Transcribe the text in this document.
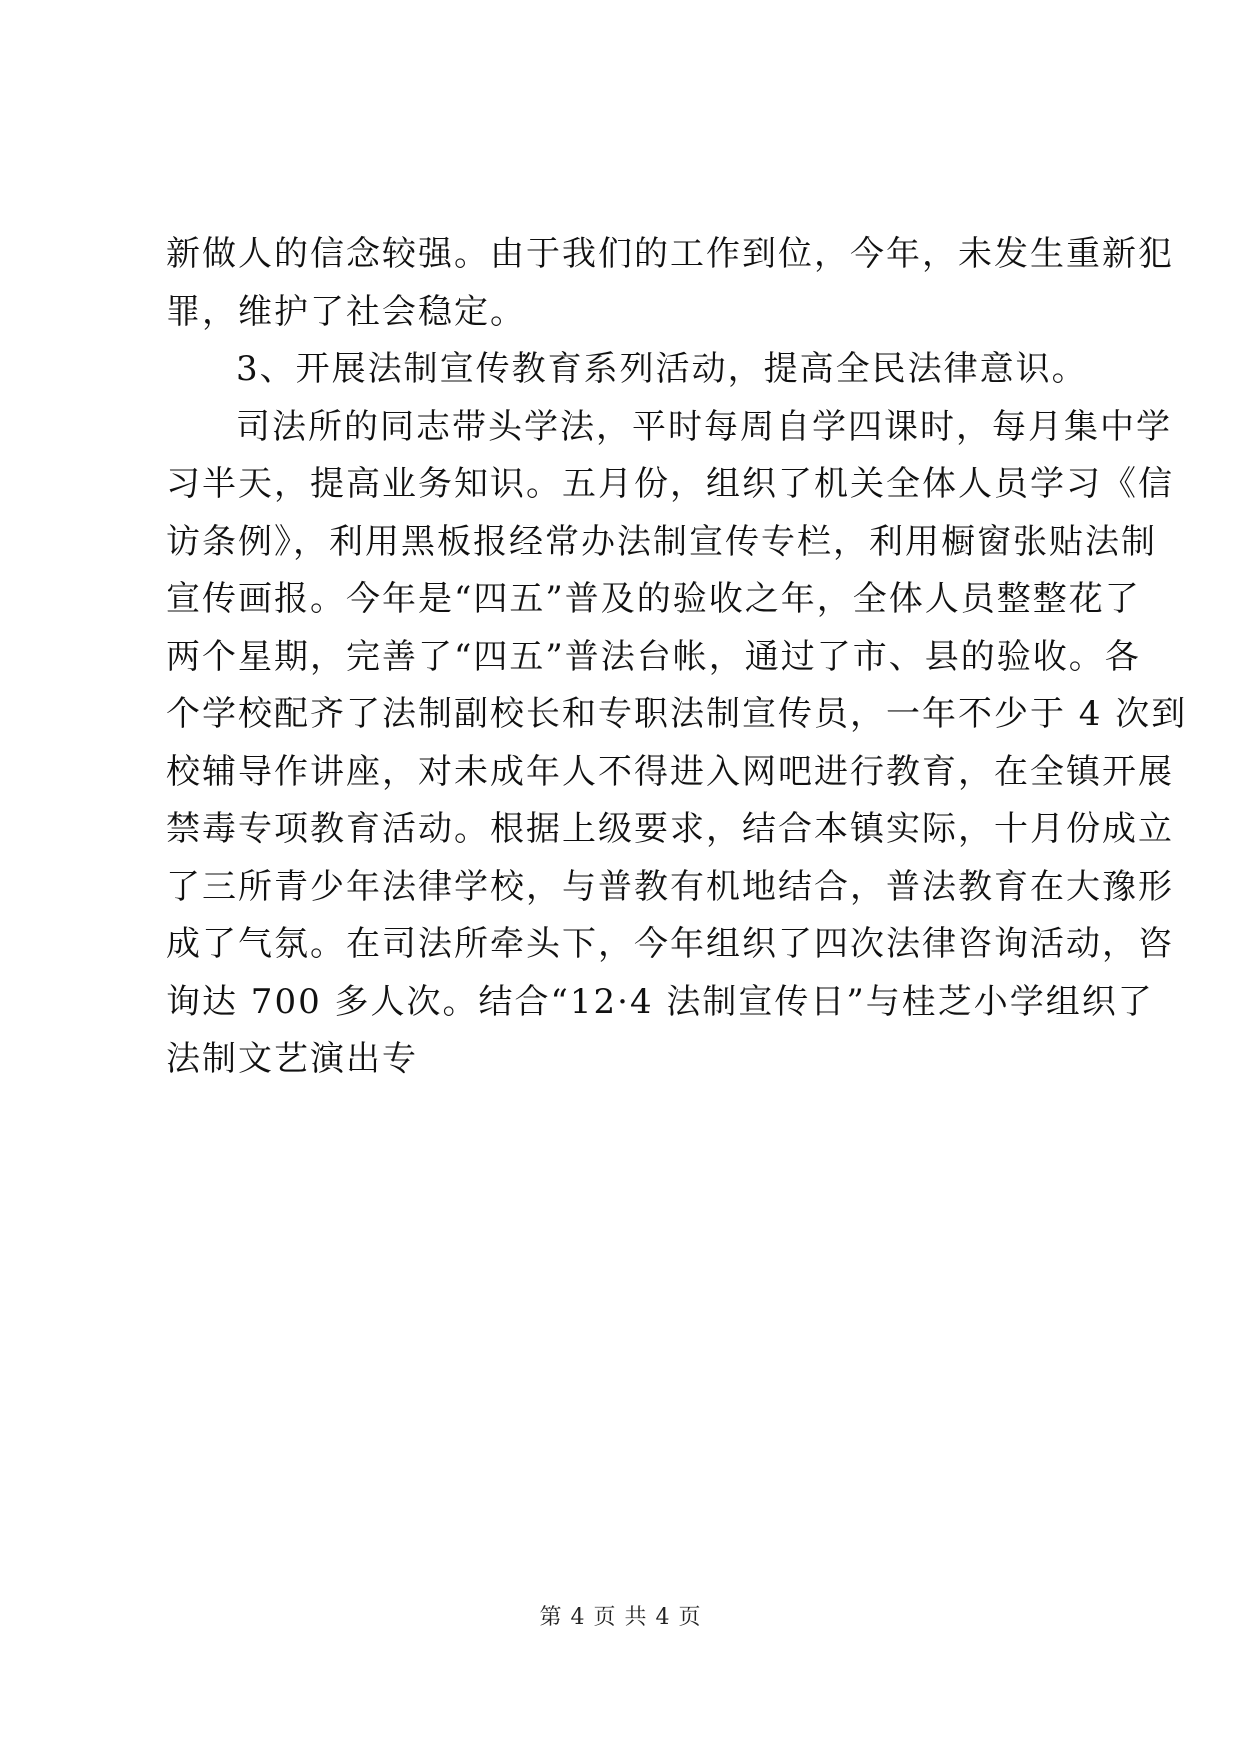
新做人的信念较强。由于我们的工作到位，今年，未发生重新犯
罪，维护了社会稳定。

3、开展法制宣传教育系列活动，提高全民法律意识。

司法所的同志带头学法，平时每周自学四课时，每月集中学
习半天，提高业务知识。五月份，组织了机关全体人员学习《信
访条例》，利用黑板报经常办法制宣传专栏，利用橱窗张贴法制
宣传画报。今年是“四五”普及的验收之年，全体人员整整花了
两个星期，完善了“四五”普法台帐，通过了市、县的验收。各
个学校配齐了法制副校长和专职法制宣传员，一年不少于 4 次到
校辅导作讲座，对未成年人不得进入网吧进行教育，在全镇开展
禁毒专项教育活动。根据上级要求，结合本镇实际，十月份成立
了三所青少年法律学校，与普教有机地结合，普法教育在大豫形
成了气氛。在司法所牵头下，今年组织了四次法律咨询活动，咨
询达 700 多人次。结合“12·4 法制宣传日”与桂芝小学组织了
法制文艺演出专

第 4 页 共 4 页
